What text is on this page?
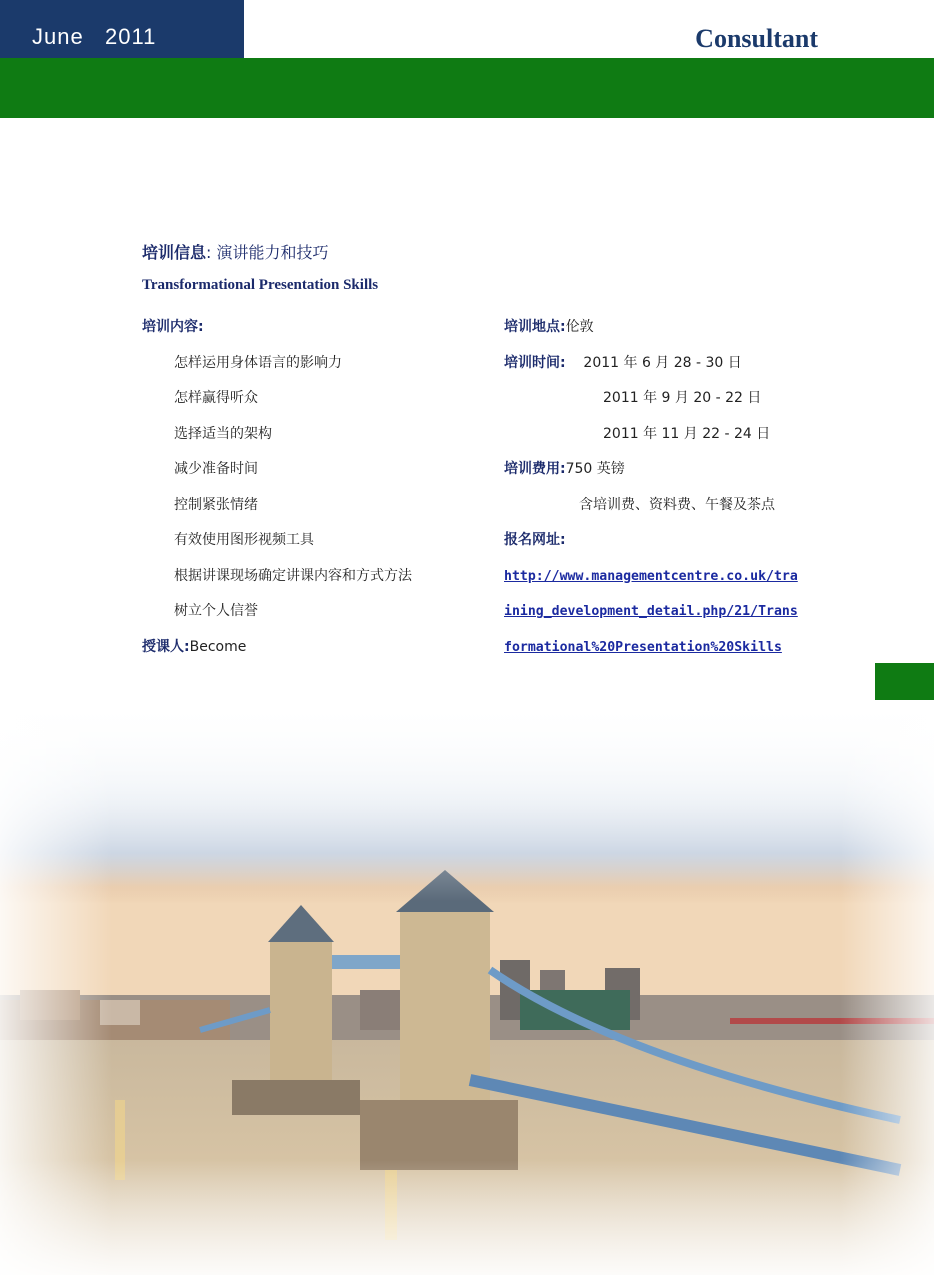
June   2011	Consultant
培训信息: 演讲能力和技巧
Transformational Presentation Skills
培训内容:
怎样运用身体语言的影响力
怎样赢得听众
选择适当的架构
减少准备时间
控制紧张情绪
有效使用图形视频工具
根据讲课现场确定讲课内容和方式方法
树立个人信誉
授课人:Become
培训地点:伦敦
培训时间: 2011 年 6 月 28 - 30 日
2011 年 9 月 20 - 22 日
2011 年 11 月 22 - 24 日
培训费用:750 英镑
含培训费、资料费、午餐及茶点
报名网址:
http://www.managementcentre.co.uk/tra
ining_development_detail.php/21/Trans
formational%20Presentation%20Skills
